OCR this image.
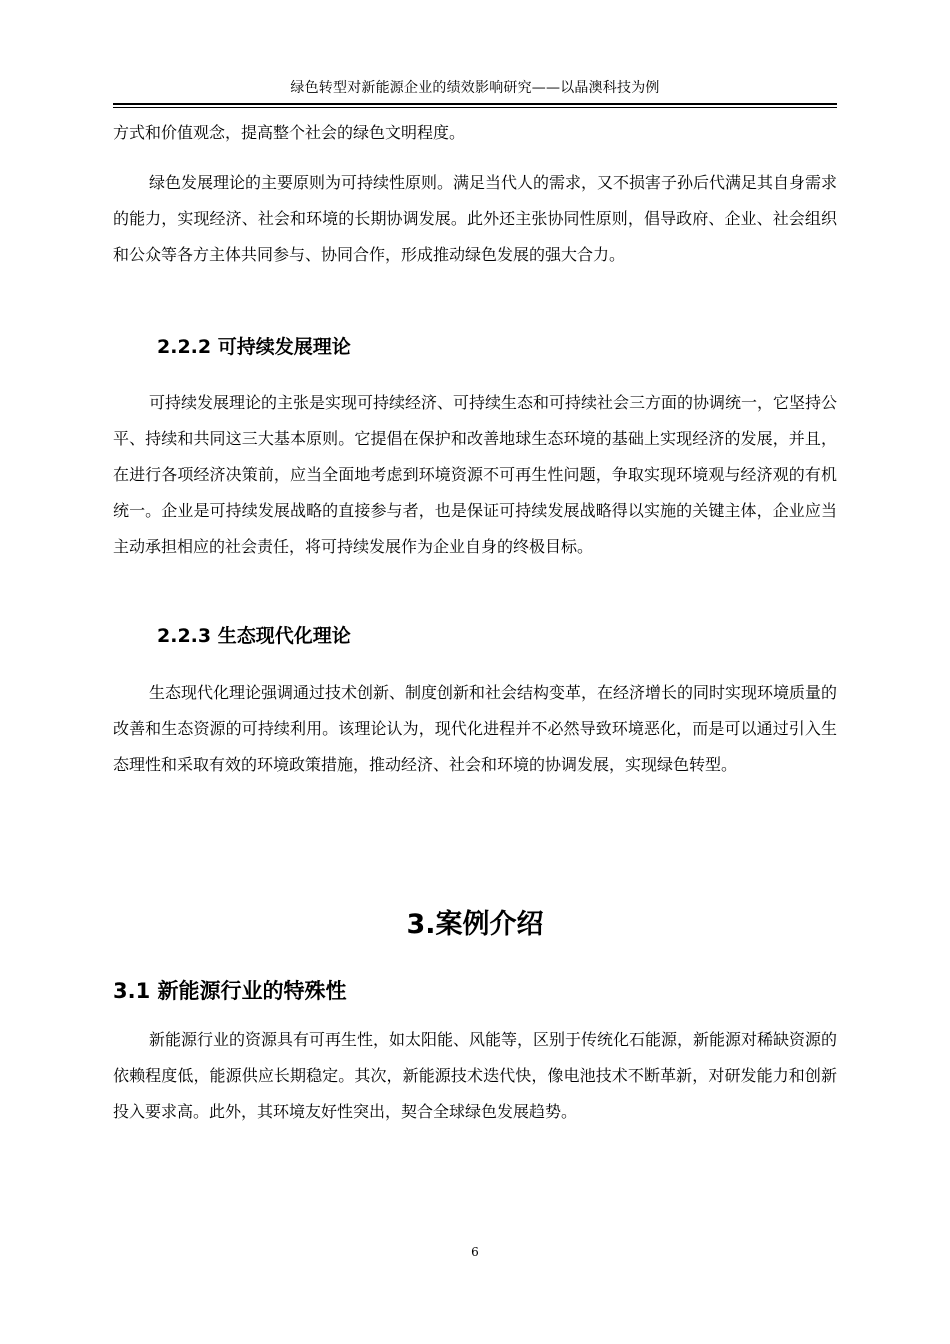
绿色转型对新能源企业的绩效影响研究——以晶澳科技为例

方式和价值观念，提高整个社会的绿色文明程度。

绿色发展理论的主要原则为可持续性原则。满足当代人的需求，又不损害子孙后代满足其自身需求的能力，实现经济、社会和环境的长期协调发展。此外还主张协同性原则，倡导政府、企业、社会组织和公众等各方主体共同参与、协同合作，形成推动绿色发展的强大合力。

2.2.2 可持续发展理论

可持续发展理论的主张是实现可持续经济、可持续生态和可持续社会三方面的协调统一，它坚持公平、持续和共同这三大基本原则。它提倡在保护和改善地球生态环境的基础上实现经济的发展，并且，在进行各项经济决策前，应当全面地考虑到环境资源不可再生性问题，争取实现环境观与经济观的有机统一。企业是可持续发展战略的直接参与者，也是保证可持续发展战略得以实施的关键主体，企业应当主动承担相应的社会责任，将可持续发展作为企业自身的终极目标。

2.2.3 生态现代化理论

生态现代化理论强调通过技术创新、制度创新和社会结构变革，在经济增长的同时实现环境质量的改善和生态资源的可持续利用。该理论认为，现代化进程并不必然导致环境恶化，而是可以通过引入生态理性和采取有效的环境政策措施，推动经济、社会和环境的协调发展，实现绿色转型。

3.案例介绍
3.1 新能源行业的特殊性

新能源行业的资源具有可再生性，如太阳能、风能等，区别于传统化石能源，新能源对稀缺资源的依赖程度低，能源供应长期稳定。其次，新能源技术迭代快，像电池技术不断革新，对研发能力和创新投入要求高。此外，其环境友好性突出，契合全球绿色发展趋势。

6
